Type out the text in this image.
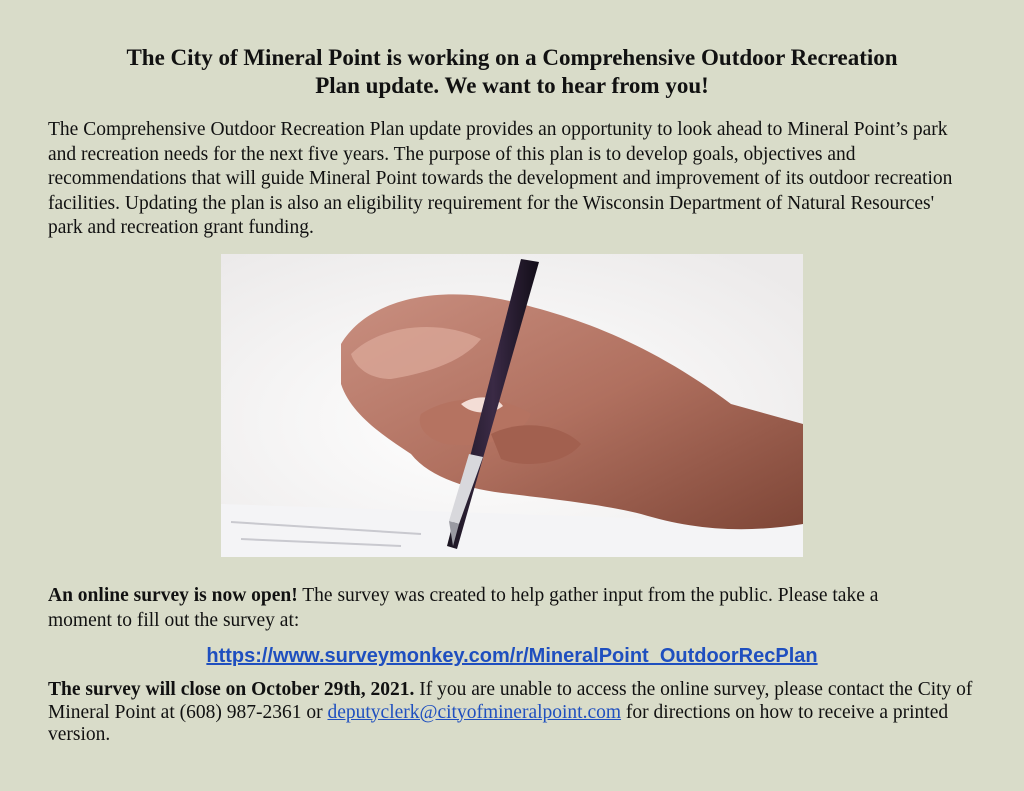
The City of Mineral Point is working on a Comprehensive Outdoor Recreation
Plan update. We want to hear from you!

The Comprehensive Outdoor Recreation Plan update provides an opportunity to look ahead to Mineral Point’s park and recreation needs for the next five years. The purpose of this plan is to develop goals, objectives and recommendations that will guide Mineral Point towards the development and improvement of its outdoor recreation facilities. Updating the plan is also an eligibility requirement for the Wisconsin Department of Natural Resources' park and recreation grant funding.

An online survey is now open! The survey was created to help gather input from the public. Please take a moment to fill out the survey at:

https://www.surveymonkey.com/r/MineralPoint_OutdoorRecPlan

The survey will close on October 29th, 2021. If you are unable to access the online survey, please contact the City of Mineral Point at (608) 987-2361 or deputyclerk@cityofmineralpoint.com for directions on how to receive a printed version.
